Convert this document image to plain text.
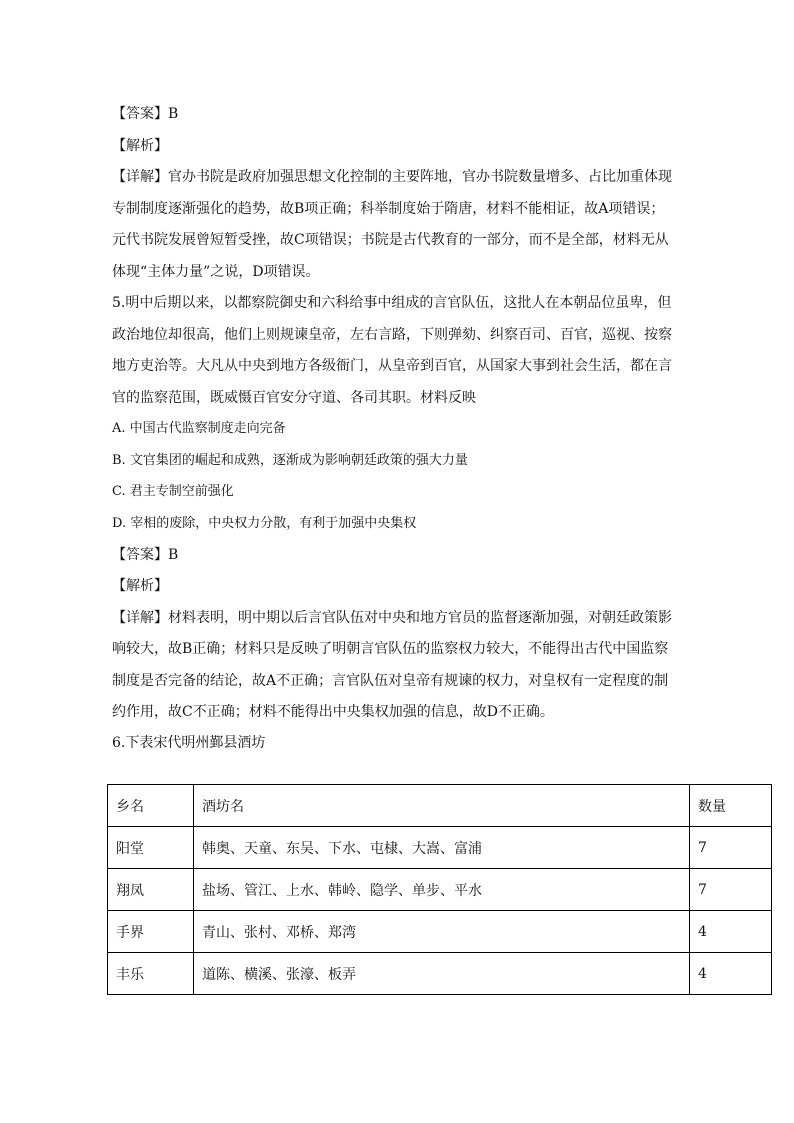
【答案】B
【解析】
【详解】官办书院是政府加强思想文化控制的主要阵地，官办书院数量增多、占比加重体现
专制制度逐渐强化的趋势，故B项正确；科举制度始于隋唐，材料不能相证，故A项错误；
元代书院发展曾短暂受挫，故C项错误；书院是古代教育的一部分，而不是全部，材料无从
体现“主体力量”之说，D项错误。
5.明中后期以来，以都察院御史和六科给事中组成的言官队伍，这批人在本朝品位虽卑，但
政治地位却很高，他们上则规谏皇帝，左右言路，下则弹劾、纠察百司、百官，巡视、按察
地方吏治等。大凡从中央到地方各级衙门，从皇帝到百官，从国家大事到社会生活，都在言
官的监察范围，既威慑百官安分守道、各司其职。材料反映
A. 中国古代监察制度走向完备
B. 文官集团的崛起和成熟，逐渐成为影响朝廷政策的强大力量
C. 君主专制空前强化
D. 宰相的废除，中央权力分散，有利于加强中央集权
【答案】B
【解析】
【详解】材料表明，明中期以后言官队伍对中央和地方官员的监督逐渐加强，对朝廷政策影
响较大，故B正确；材料只是反映了明朝言官队伍的监察权力较大，不能得出古代中国监察
制度是否完备的结论，故A不正确；言官队伍对皇帝有规谏的权力，对皇权有一定程度的制
约作用，故C不正确；材料不能得出中央集权加强的信息，故D不正确。
6.下表宋代明州鄞县酒坊
乡名	酒坊名	数量
阳堂	韩奥、天童、东吴、下水、屯棣、大嵩、富浦	7
翔凤	盐场、管江、上水、韩岭、隐学、单步、平水	7
手界	青山、张村、邓桥、郑湾	4
丰乐	道陈、横溪、张濠、板弄	4
